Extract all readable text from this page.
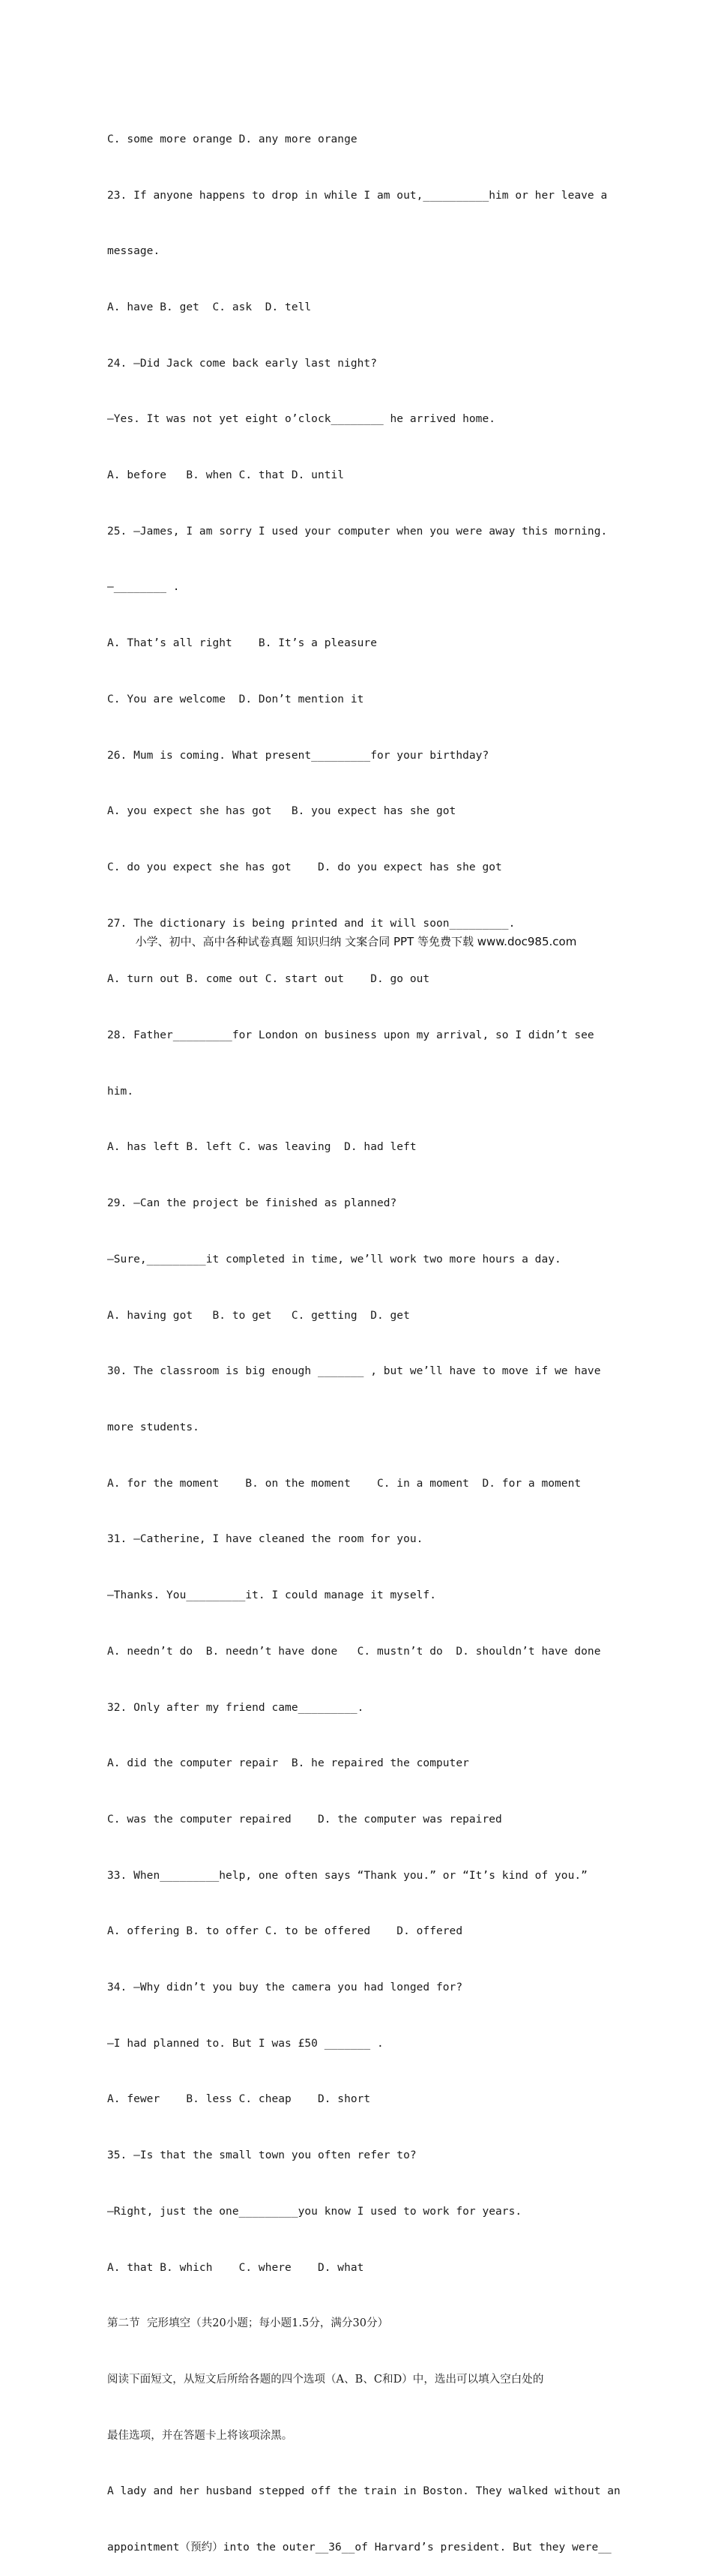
C. some more orange D. any more orange

23. If anyone happens to drop in while I am out,__________him or her leave a

message.

A. have B. get  C. ask  D. tell

24. —Did Jack come back early last night?

—Yes. It was not yet eight o’clock________ he arrived home.

A. before   B. when C. that D. until

25. —James, I am sorry I used your computer when you were away this morning.

—________ .

A. That’s all right    B. It’s a pleasure

C. You are welcome  D. Don’t mention it

26. Mum is coming. What present_________for your birthday?

A. you expect she has got   B. you expect has she got

C. do you expect she has got    D. do you expect has she got

27. The dictionary is being printed and it will soon_________.

A. turn out B. come out C. start out    D. go out

28. Father_________for London on business upon my arrival, so I didn’t see

him.

A. has left B. left C. was leaving  D. had left

29. —Can the project be finished as planned?

—Sure,_________it completed in time, we’ll work two more hours a day.

A. having got   B. to get   C. getting  D. get

30. The classroom is big enough _______ , but we’ll have to move if we have

more students.

A. for the moment    B. on the moment    C. in a moment  D. for a moment

31. —Catherine, I have cleaned the room for you.

—Thanks. You_________it. I could manage it myself.

A. needn’t do  B. needn’t have done   C. mustn’t do  D. shouldn’t have done

32. Only after my friend came_________.

A. did the computer repair  B. he repaired the computer

C. was the computer repaired    D. the computer was repaired

33. When_________help, one often says “Thank you.” or “It’s kind of you.”

A. offering B. to offer C. to be offered    D. offered

34. —Why didn’t you buy the camera you had longed for?

—I had planned to. But I was £50 _______ .

A. fewer    B. less C. cheap    D. short

35. —Is that the small town you often refer to?

—Right, just the one_________you know I used to work for years.

A. that B. which    C. where    D. what

第二节  完形填空（共20小题；每小题1.5分，满分30分）

阅读下面短文，从短文后所给各题的四个选项（A、B、C和D）中，选出可以填入空白处的

最佳选项，并在答题卡上将该项涂黑。

A lady and her husband stepped off the train in Boston. They walked without an

appointment（预约）into the outer__36__of Harvard’s president. But they were__

小学、初中、高中各种试卷真题 知识归纳 文案合同 PPT 等免费下载 www.doc985.com
